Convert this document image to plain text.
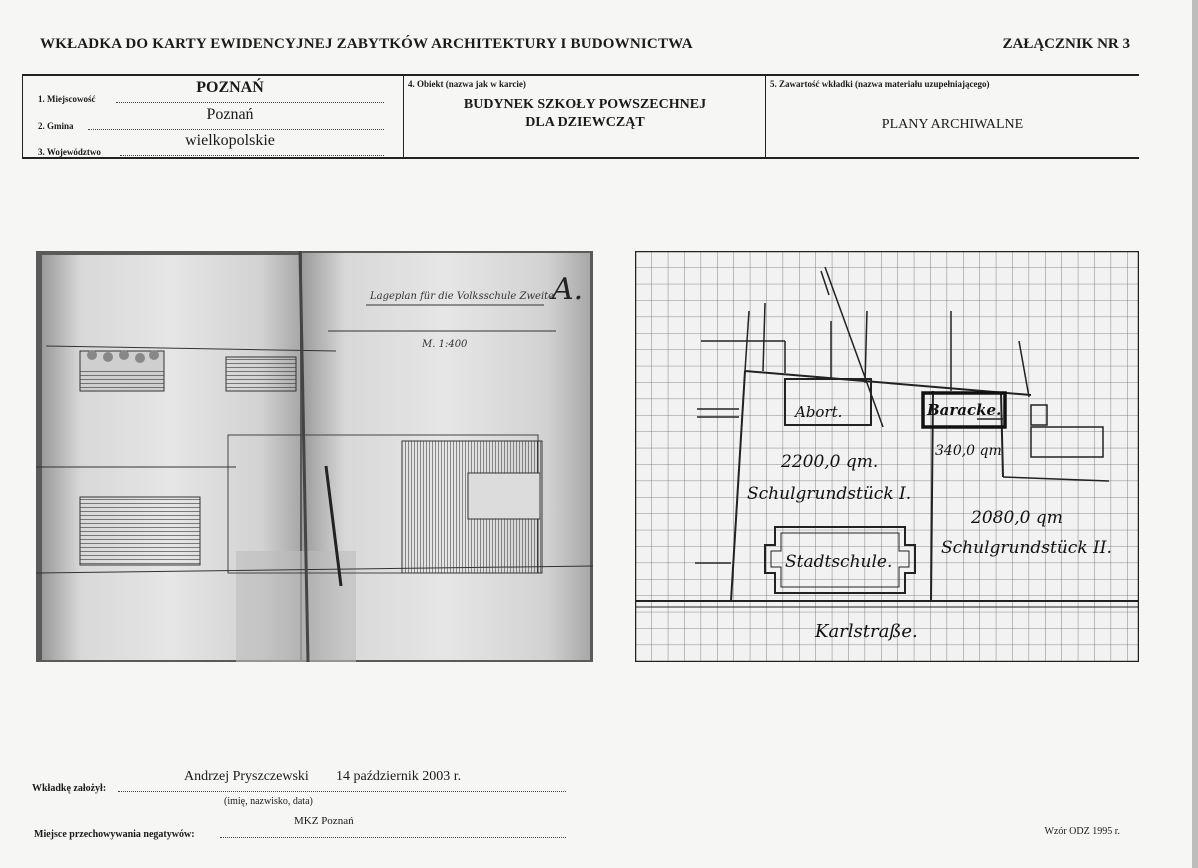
WKŁADKA DO KARTY EWIDENCYJNEJ ZABYTKÓW ARCHITEKTURY I BUDOWNICTWA	ZAŁĄCZNIK NR 3
1. Miejscowość
POZNAŃ
2. Gmina
Poznań
3. Województwo
wielkopolskie
4. Obiekt (nazwa jak w karcie)
BUDYNEK SZKOŁY POWSZECHNEJ
DLA DZIEWCZĄT
5. Zawartość wkładki (nazwa materiału uzupełniającego)
PLANY ARCHIWALNE
Lageplan für die Volksschule Zweite
A.
M. 1:400
Abort.	Baracke.
340,0 qm
2200,0 qm.
Schulgrundstück I.
2080,0 qm
Schulgrundstück II.
Stadtschule.
Karlstraße.
Andrzej Pryszczewski 14 październik 2003 r.
Wkładkę założył:
(imię, nazwisko, data)
MKZ Poznań
Miejsce przechowywania negatywów:	Wzór ODZ 1995 r.
